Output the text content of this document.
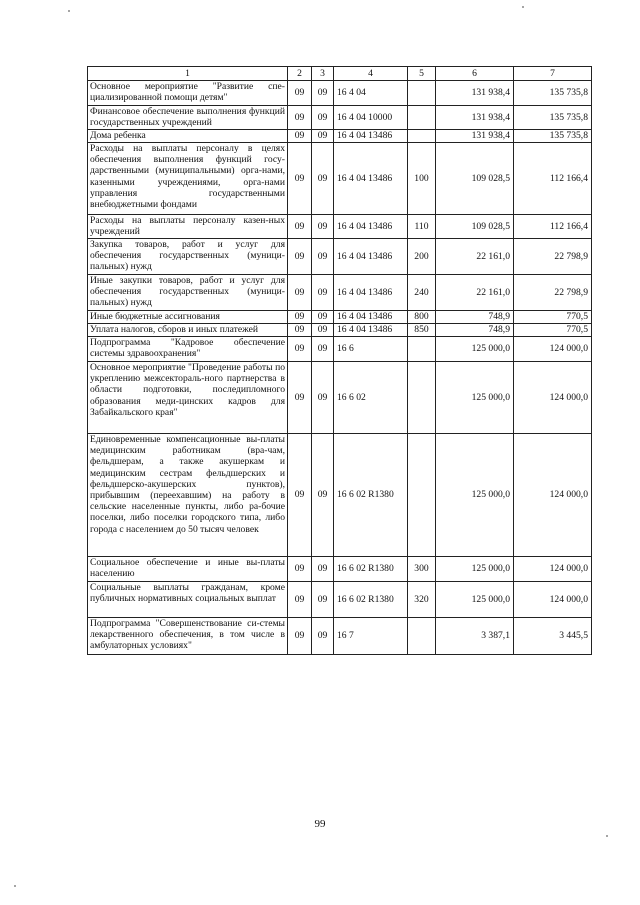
1	2	3	4	5	6	7
Основное мероприятие "Развитие спе-циализированной помощи детям"	09	09	16 4 04		131 938,4	135 735,8
Финансовое обеспечение выполнения функций государственных учреждений	09	09	16 4 04 10000		131 938,4	135 735,8
Дома ребенка	09	09	16 4 04 13486		131 938,4	135 735,8
Расходы на выплаты персоналу в целях обеспечения выполнения функций госу-дарственными (муниципальными) орга-нами, казенными учреждениями, орга-нами управления государственными внебюджетными фондами	09	09	16 4 04 13486	100	109 028,5	112 166,4
Расходы на выплаты персоналу казен-ных учреждений	09	09	16 4 04 13486	110	109 028,5	112 166,4
Закупка товаров, работ и услуг для обеспечения государственных (муници-пальных) нужд	09	09	16 4 04 13486	200	22 161,0	22 798,9
Иные закупки товаров, работ и услуг для обеспечения государственных (муници-пальных) нужд	09	09	16 4 04 13486	240	22 161,0	22 798,9
Иные бюджетные ассигнования	09	09	16 4 04 13486	800	748,9	770,5
Уплата налогов, сборов и иных платежей	09	09	16 4 04 13486	850	748,9	770,5
Подпрограмма "Кадровое обеспечение системы здравоохранения"	09	09	16 6		125 000,0	124 000,0
Основное мероприятие "Проведение работы по укреплению межсектораль-ного партнерства в области подготовки, последипломного образования меди-цинских кадров для Забайкальского края"	09	09	16 6 02		125 000,0	124 000,0
Единовременные компенсационные вы-платы медицинским работникам (вра-чам, фельдшерам, а также акушеркам и медицинским сестрам фельдшерских и фельдшерско-акушерских пунктов), прибывшим (переехавшим) на работу в сельские населенные пункты, либо ра-бочие поселки, либо поселки городского типа, либо города с населением до 50 тысяч человек	09	09	16 6 02 R1380		125 000,0	124 000,0
Социальное обеспечение и иные вы-платы населению	09	09	16 6 02 R1380	300	125 000,0	124 000,0
Социальные выплаты гражданам, кроме публичных нормативных социальных выплат	09	09	16 6 02 R1380	320	125 000,0	124 000,0
Подпрограмма "Совершенствование си-стемы лекарственного обеспечения, в том числе в амбулаторных условиях"	09	09	16 7		3 387,1	3 445,5
99
